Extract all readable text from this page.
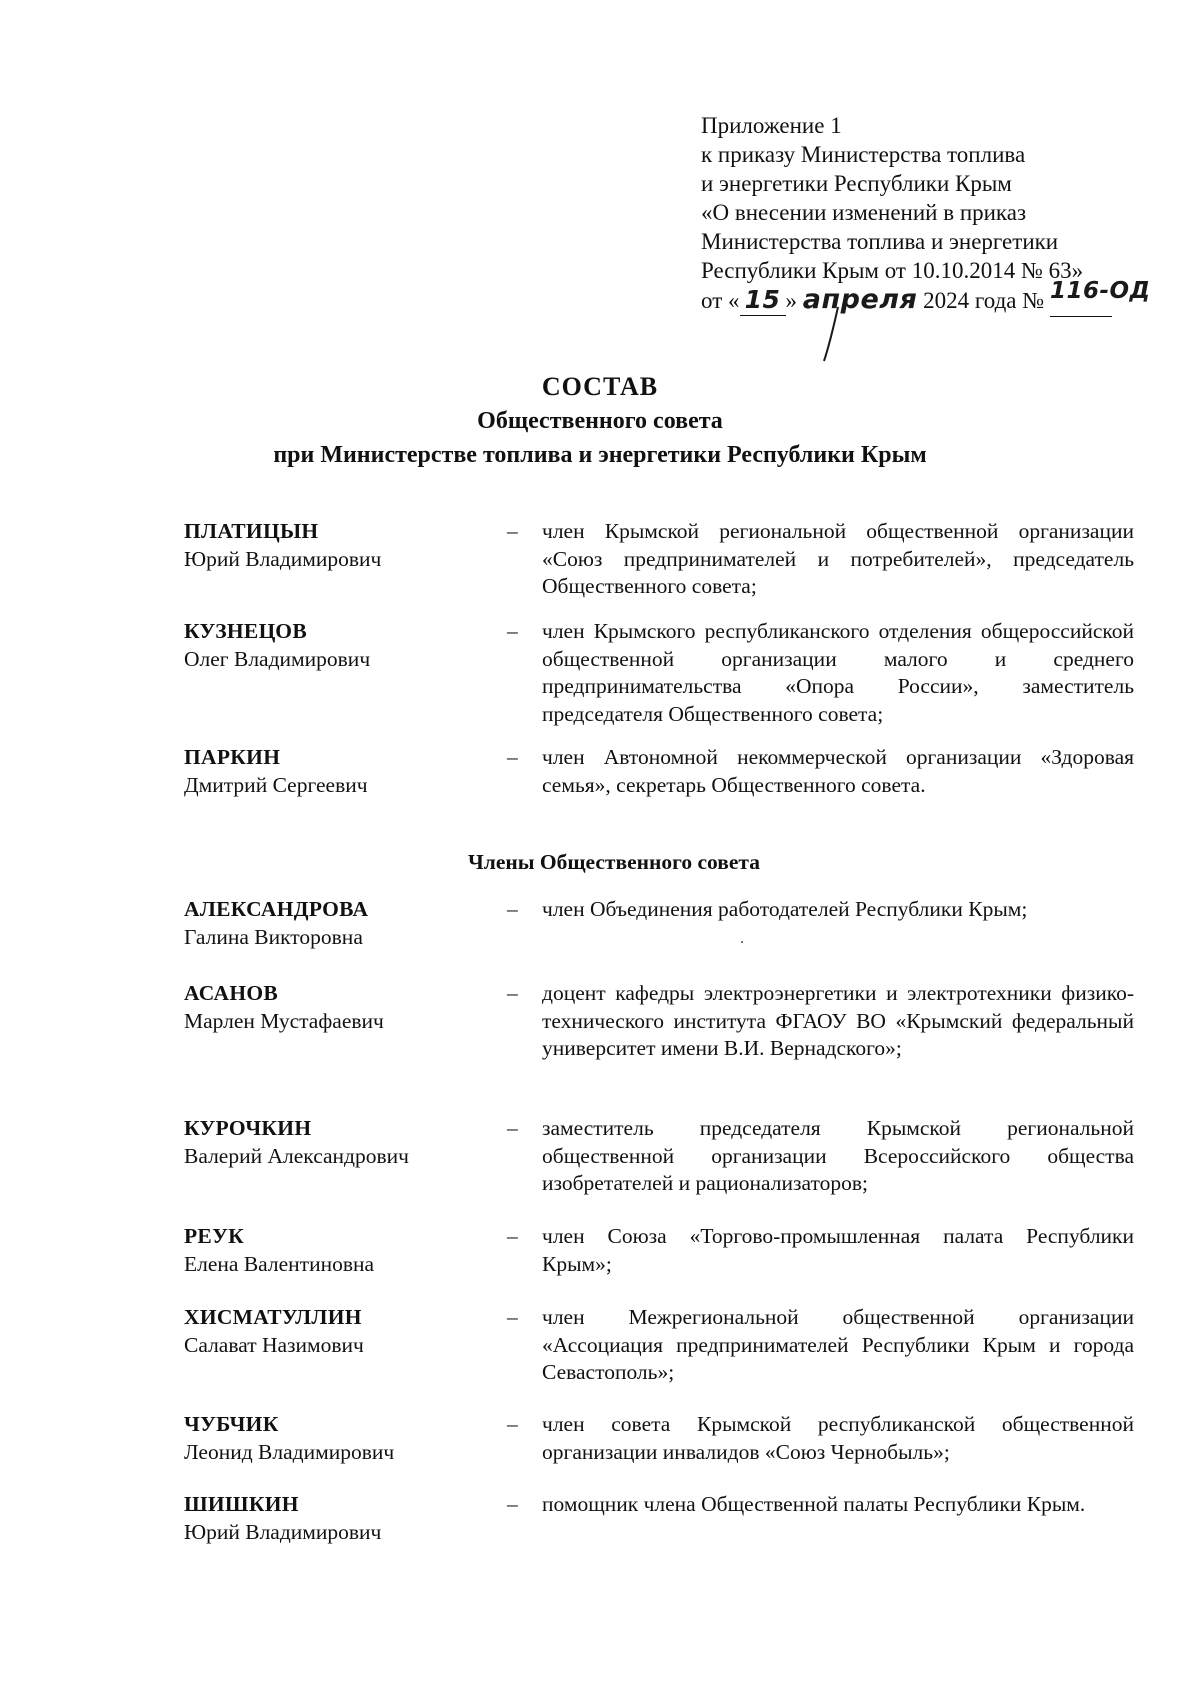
Приложение 1
к приказу Министерства топлива
и энергетики Республики Крым
«О внесении изменений в приказ
Министерства топлива и энергетики
Республики Крым от 10.10.2014 № 63»
от « 15 » апреля 2024 года № 116-ОД
СОСТАВ
Общественного совета
при Министерстве топлива и энергетики Республики Крым
ПЛАТИЦЫН
Юрий Владимирович
– член Крымской региональной общественной организации «Союз предпринимателей и потребителей», председатель Общественного совета;
КУЗНЕЦОВ
Олег Владимирович
– член Крымского республиканского отделения общероссийской общественной организации малого и среднего предпринимательства «Опора России», заместитель председателя Общественного совета;
ПАРКИН
Дмитрий Сергеевич
– член Автономной некоммерческой организации «Здоровая семья», секретарь Общественного совета.
АЛЕКСАНДРОВА
Галина Викторовна
– член Объединения работодателей Республики Крым;
АСАНОВ
Марлен Мустафаевич
– доцент кафедры электроэнергетики и электротехники физико-технического института ФГАОУ ВО «Крымский федеральный университет имени В.И. Вернадского»;
КУРОЧКИН
Валерий Александрович
– заместитель председателя Крымской региональной общественной организации Всероссийского общества изобретателей и рационализаторов;
РЕУК
Елена Валентиновна
– член Союза «Торгово-промышленная палата Республики Крым»;
ХИСМАТУЛЛИН
Салават Назимович
– член Межрегиональной общественной организации «Ассоциация предпринимателей Республики Крым и города Севастополь»;
ЧУБЧИК
Леонид Владимирович
– член совета Крымской республиканской общественной организации инвалидов «Союз Чернобыль»;
ШИШКИН
Юрий Владимирович
– помощник члена Общественной палаты Республики Крым.
Члены Общественного совета
